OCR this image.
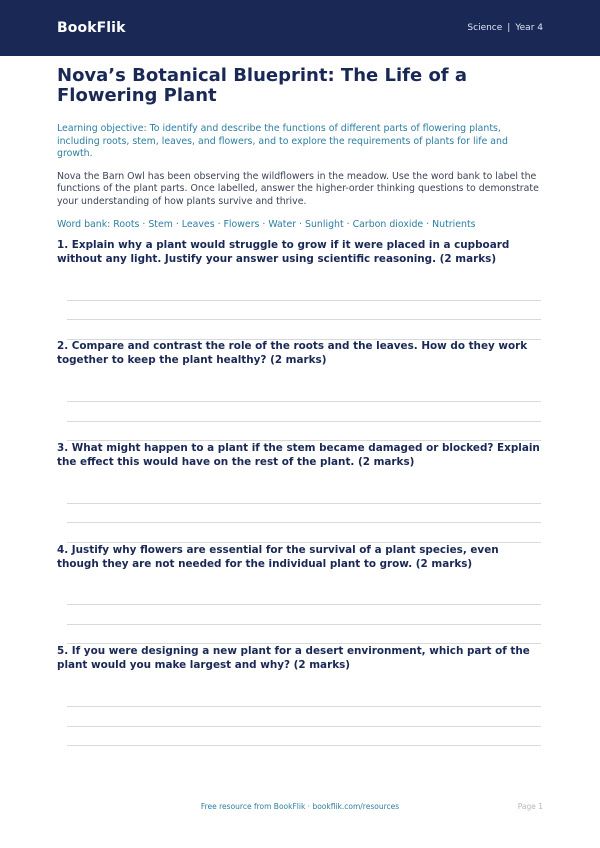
BookFlik	Science | Year 4
Nova’s Botanical Blueprint: The Life of a Flowering Plant

Learning objective: To identify and describe the functions of different parts of flowering plants, including roots, stem, leaves, and flowers, and to explore the requirements of plants for life and growth.

Nova the Barn Owl has been observing the wildflowers in the meadow. Use the word bank to label the functions of the plant parts. Once labelled, answer the higher-order thinking questions to demonstrate your understanding of how plants survive and thrive.

Word bank: Roots · Stem · Leaves · Flowers · Water · Sunlight · Carbon dioxide · Nutrients

1. Explain why a plant would struggle to grow if it were placed in a cupboard without any light. Justify your answer using scientific reasoning. (2 marks)

2. Compare and contrast the role of the roots and the leaves. How do they work together to keep the plant healthy? (2 marks)

3. What might happen to a plant if the stem became damaged or blocked? Explain the effect this would have on the rest of the plant. (2 marks)

4. Justify why flowers are essential for the survival of a plant species, even though they are not needed for the individual plant to grow. (2 marks)

5. If you were designing a new plant for a desert environment, which part of the plant would you make largest and why? (2 marks)

Free resource from BookFlik · bookflik.com/resources	Page 1
